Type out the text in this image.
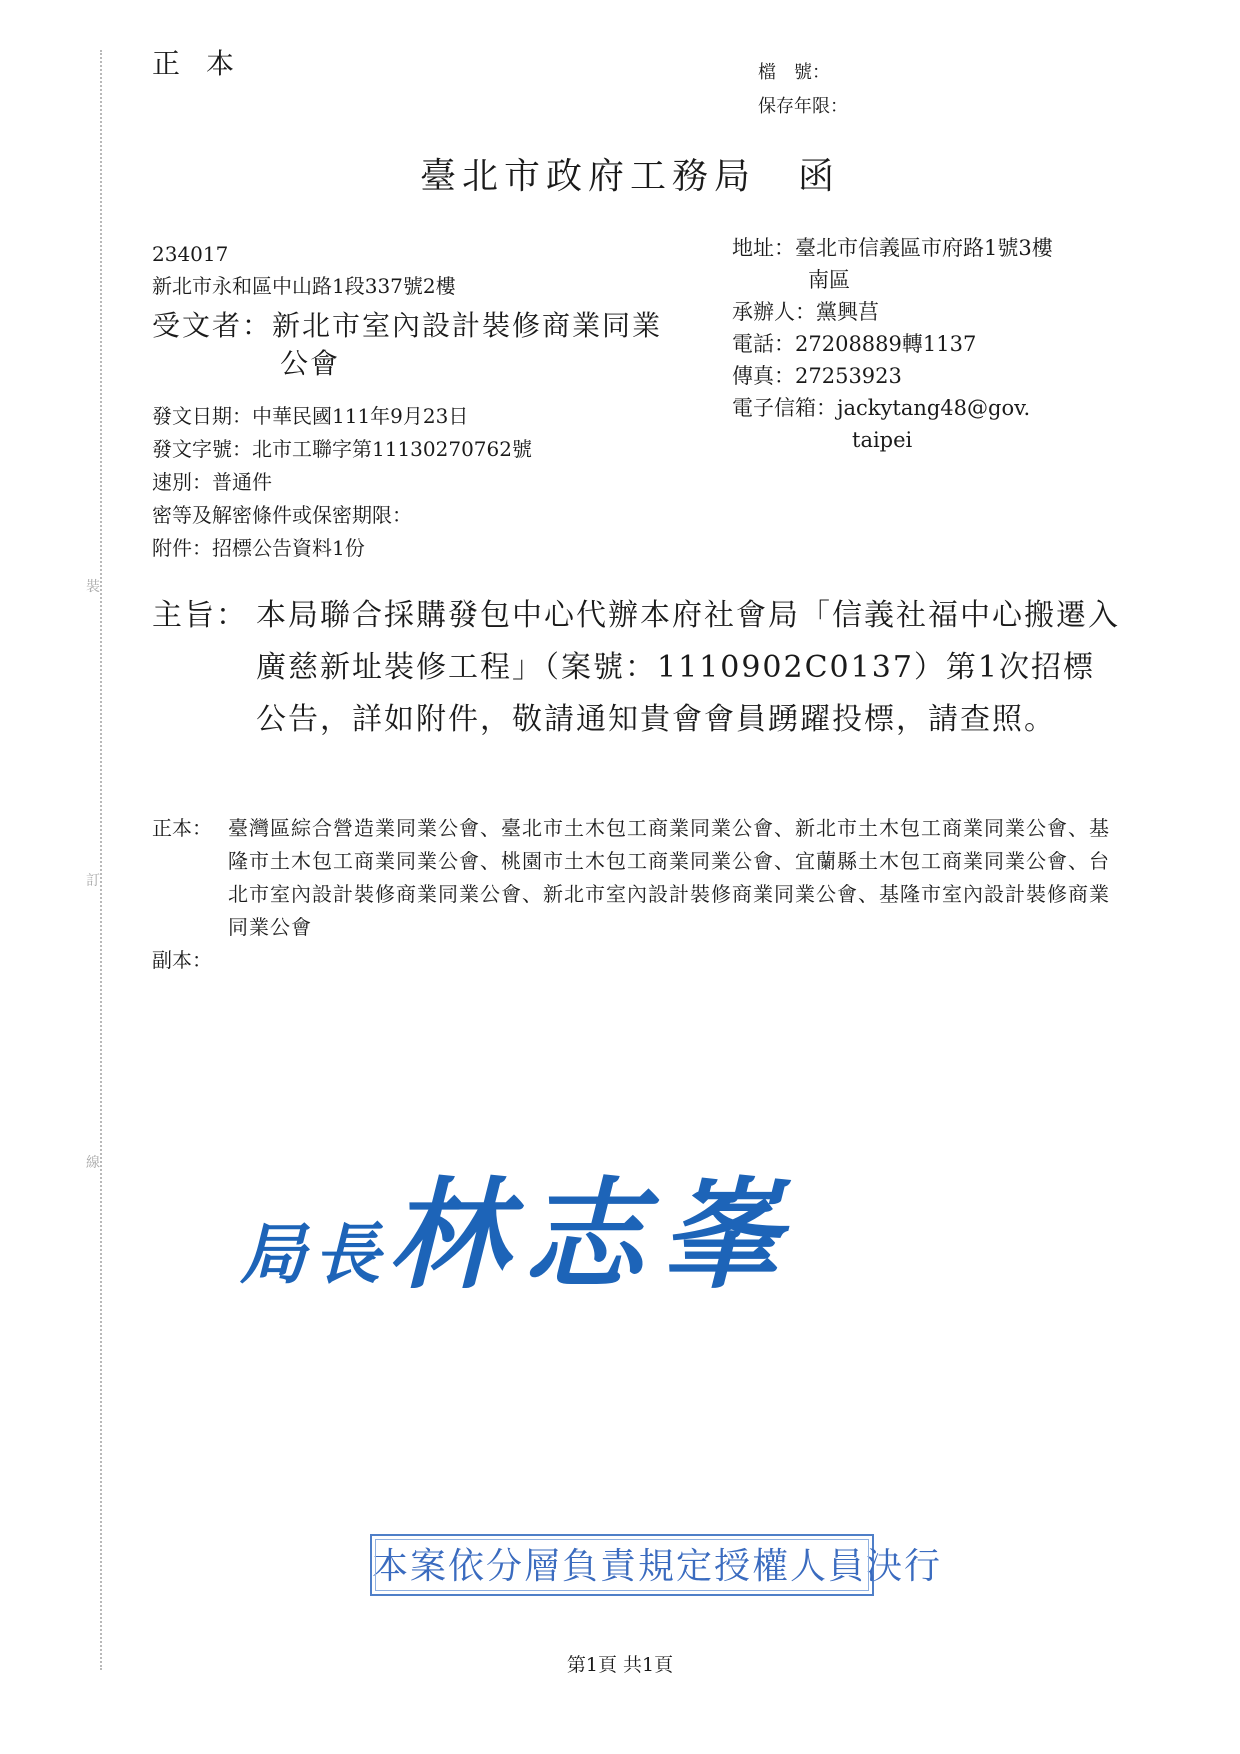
裝
訂
線
正本	檔　號：
保存年限：
臺北市政府工務局　函
234017
新北市永和區中山路1段337號2樓
受文者：新北市室內設計裝修商業同業
公會
地址：臺北市信義區市府路1號3樓
南區
承辦人：黨興莒
電話：27208889轉1137
傳真：27253923
電子信箱：jackytang48@gov.
taipei
發文日期：中華民國111年9月23日
發文字號：北市工聯字第11130270762號
速別：普通件
密等及解密條件或保密期限：
附件：招標公告資料1份
主旨： 本局聯合採購發包中心代辦本府社會局「信義社福中心搬遷入廣慈新址裝修工程」（案號：1110902C0137）第1次招標公告，詳如附件，敬請通知貴會會員踴躍投標，請查照。
正本： 臺灣區綜合營造業同業公會、臺北市土木包工商業同業公會、新北市土木包工商業同業公會、基隆市土木包工商業同業公會、桃園市土木包工商業同業公會、宜蘭縣土木包工商業同業公會、台北市室內設計裝修商業同業公會、新北市室內設計裝修商業同業公會、基隆市室內設計裝修商業同業公會
副本：
局長林志峯
本案依分層負責規定授權人員決行
第1頁 共1頁
